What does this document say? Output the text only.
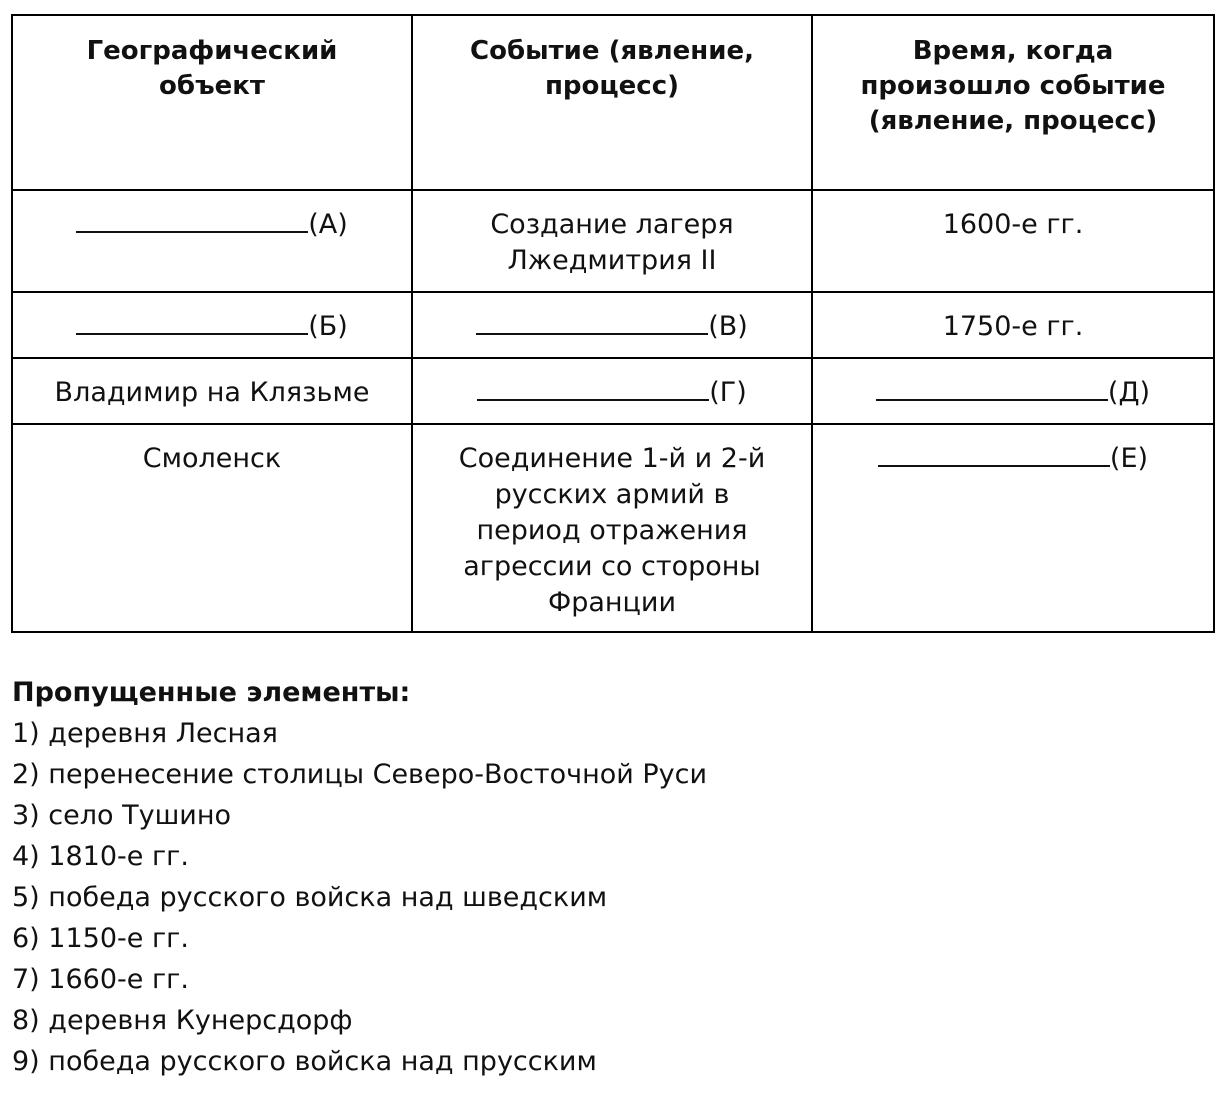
Географический объект	Событие (явление, процесс)	Время, когда произошло событие (явление, процесс)
(А)	Создание лагеря Лжедмитрия II	1600-е гг.
(Б)	(В)	1750-е гг.
Владимир на Клязьме	(Г)	(Д)
Смоленск	Соединение 1-й и 2-й русских армий в период отражения агрессии со стороны Франции	(Е)

Пропущенные элементы:

1) деревня Лесная
2) перенесение столицы Северо-Восточной Руси
3) село Тушино
4) 1810-е гг.
5) победа русского войска над шведским
6) 1150-е гг.
7) 1660-е гг.
8) деревня Кунерсдорф
9) победа русского войска над прусским
